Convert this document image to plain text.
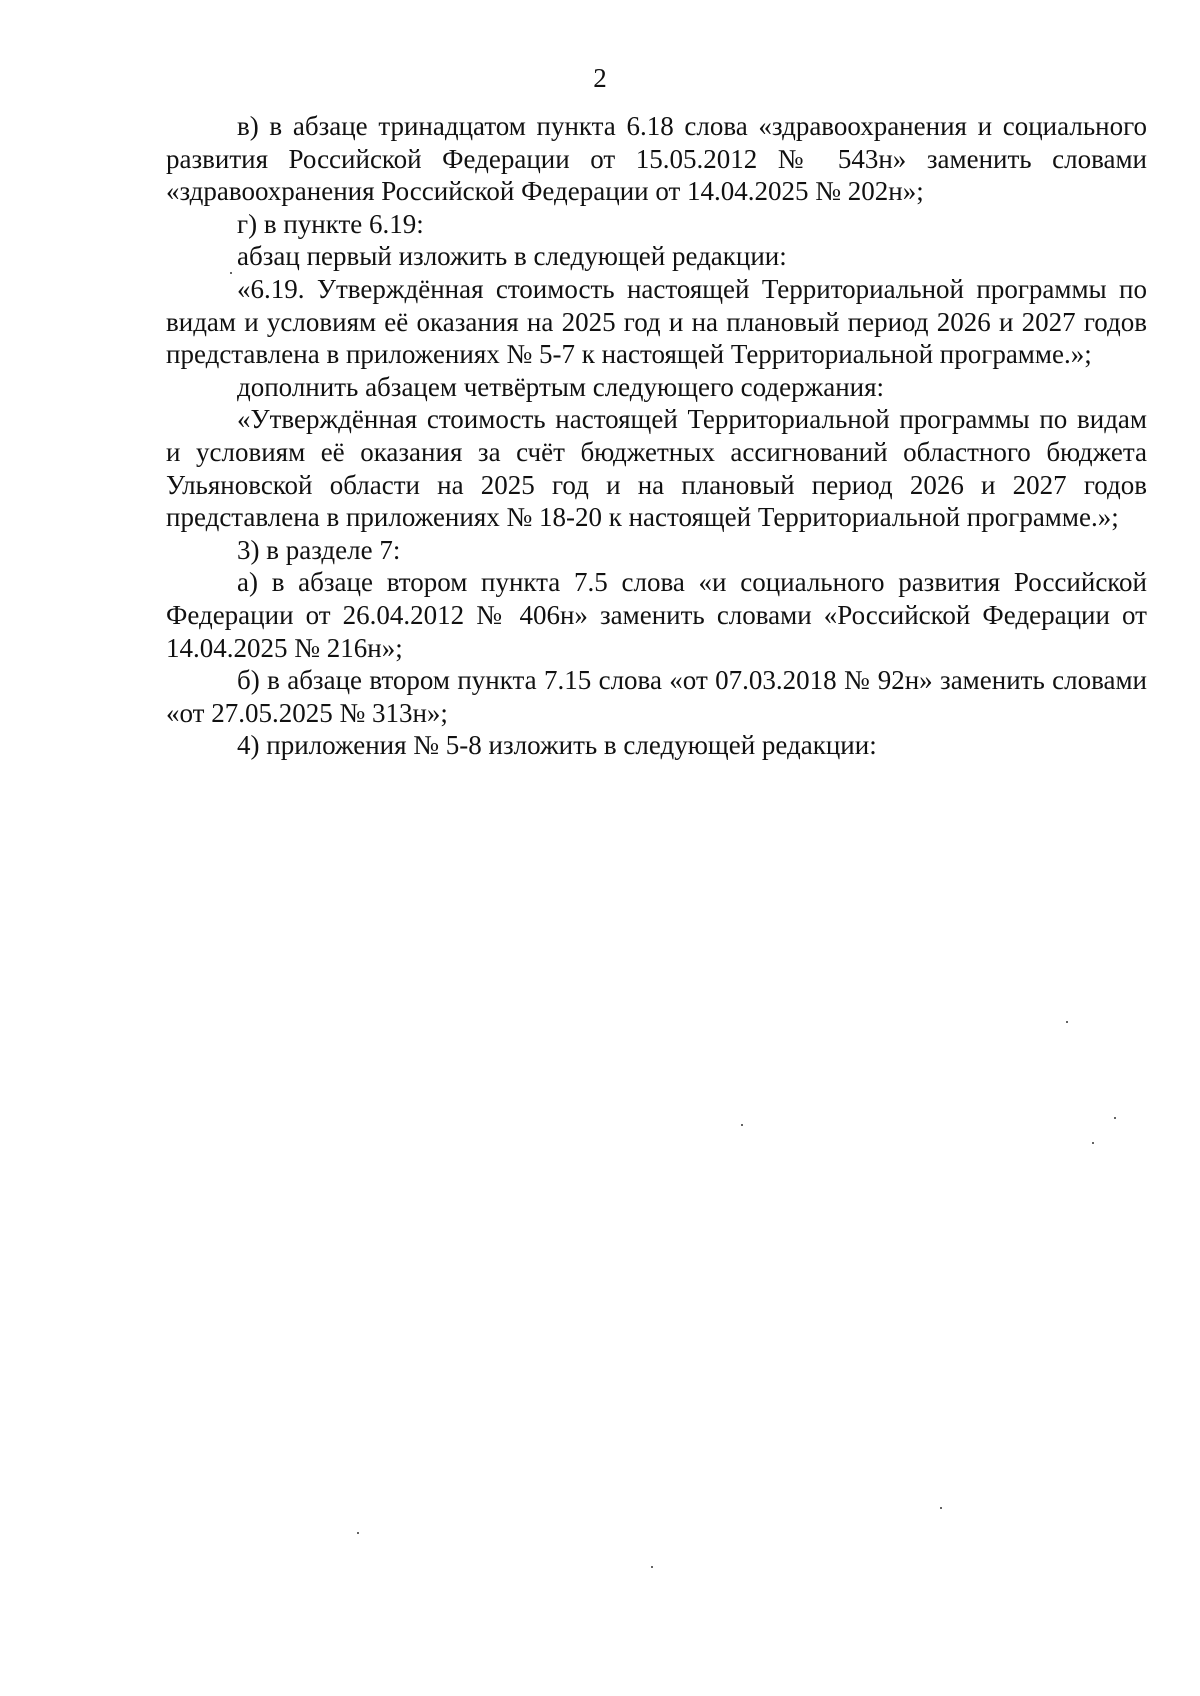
2

в) в абзаце тринадцатом пункта 6.18 слова «здравоохранения и социального развития Российской Федерации от 15.05.2012 № 543н» заменить словами «здравоохранения Российской Федерации от 14.04.2025 № 202н»;

г) в пункте 6.19:

абзац первый изложить в следующей редакции:

«6.19. Утверждённая стоимость настоящей Территориальной программы по видам и условиям её оказания на 2025 год и на плановый период 2026 и 2027 годов представлена в приложениях № 5-7 к настоящей Территориальной программе.»;

дополнить абзацем четвёртым следующего содержания:

«Утверждённая стоимость настоящей Территориальной программы по видам и условиям её оказания за счёт бюджетных ассигнований областного бюджета Ульяновской области на 2025 год и на плановый период 2026 и 2027 годов представлена в приложениях № 18-20 к настоящей Территориальной программе.»;

3) в разделе 7:

а) в абзаце втором пункта 7.5 слова «и социального развития Российской Федерации от 26.04.2012 № 406н» заменить словами «Российской Федерации от 14.04.2025 № 216н»;

б) в абзаце втором пункта 7.15 слова «от 07.03.2018 № 92н» заменить словами «от 27.05.2025 № 313н»;

4) приложения № 5-8 изложить в следующей редакции:
